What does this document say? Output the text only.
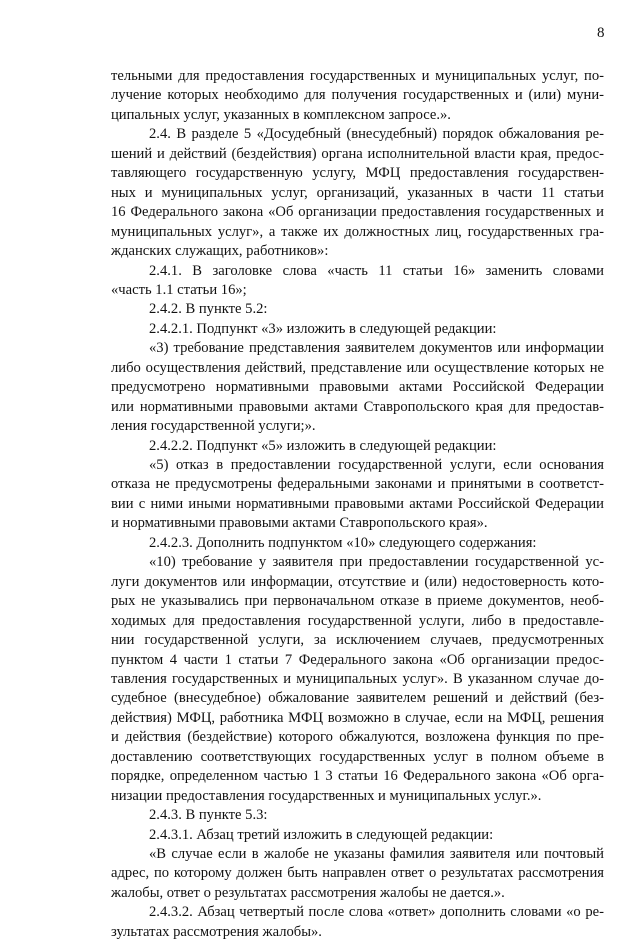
8
тельными для предоставления государственных и муниципальных услуг, по-
лучение которых необходимо для получения государственных и (или) муни-
ципальных услуг, указанных в комплексном запросе.».
2.4. В разделе 5 «Досудебный (внесудебный) порядок обжалования ре-
шений и действий (бездействия) органа исполнительной власти края, предос-
тавляющего государственную услугу, МФЦ предоставления государствен-
ных и муниципальных услуг, организаций, указанных в части 11 статьи
16 Федерального закона «Об организации предоставления государственных и
муниципальных услуг», а также их должностных лиц, государственных гра-
жданских служащих, работников»:
2.4.1. В заголовке слова «часть 11 статьи 16» заменить словами
«часть 1.1 статьи 16»;
2.4.2. В пункте 5.2:
2.4.2.1. Подпункт «3» изложить в следующей редакции:
«3) требование представления заявителем документов или информации
либо осуществления действий, представление или осуществление которых не
предусмотрено нормативными правовыми актами Российской Федерации
или нормативными правовыми актами Ставропольского края для предостав-
ления государственной услуги;».
2.4.2.2. Подпункт «5» изложить в следующей редакции:
«5) отказ в предоставлении государственной услуги, если основания
отказа не предусмотрены федеральными законами и принятыми в соответст-
вии с ними иными нормативными правовыми актами Российской Федерации
и нормативными правовыми актами Ставропольского края».
2.4.2.3. Дополнить подпунктом «10» следующего содержания:
«10) требование у заявителя при предоставлении государственной ус-
луги документов или информации, отсутствие и (или) недостоверность кото-
рых не указывались при первоначальном отказе в приеме документов, необ-
ходимых для предоставления государственной услуги, либо в предоставле-
нии государственной услуги, за исключением случаев, предусмотренных
пунктом 4 части 1 статьи 7 Федерального закона «Об организации предос-
тавления государственных и муниципальных услуг». В указанном случае до-
судебное (внесудебное) обжалование заявителем решений и действий (без-
действия) МФЦ, работника МФЦ возможно в случае, если на МФЦ, решения
и действия (бездействие) которого обжалуются, возложена функция по пре-
доставлению соответствующих государственных услуг в полном объеме в
порядке, определенном частью 1 3 статьи 16 Федерального закона «Об орга-
низации предоставления государственных и муниципальных услуг.».
2.4.3. В пункте 5.3:
2.4.3.1. Абзац третий изложить в следующей редакции:
«В случае если в жалобе не указаны фамилия заявителя или почтовый
адрес, по которому должен быть направлен ответ о результатах рассмотрения
жалобы, ответ о результатах рассмотрения жалобы не дается.».
2.4.3.2. Абзац четвертый после слова «ответ» дополнить словами «о ре-
зультатах рассмотрения жалобы».
